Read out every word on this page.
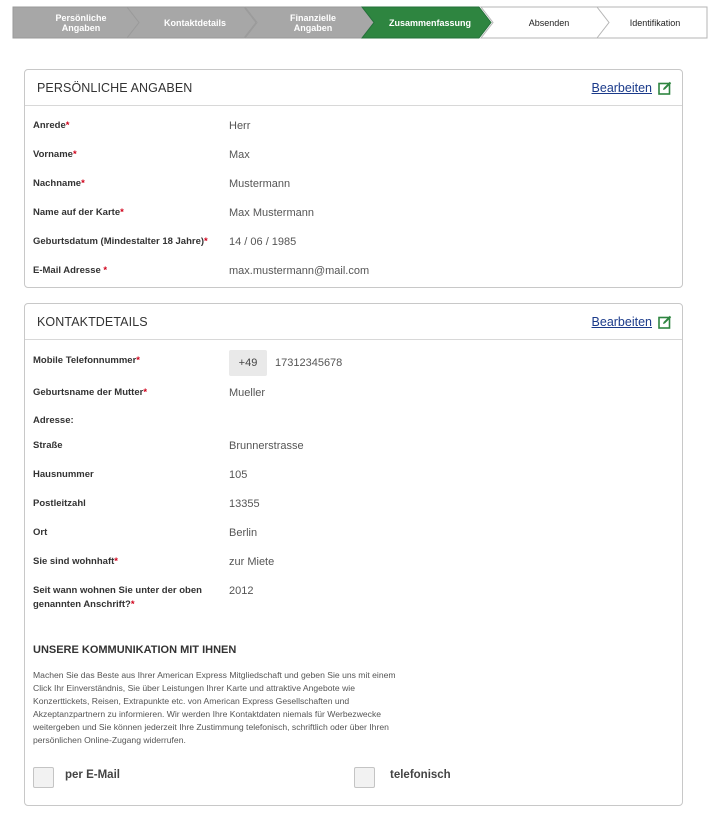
Persönliche
Angaben	Kontaktdetails	Finanzielle
Angaben	Zusammenfassung	Absenden	Identifikation
PERSÖNLICHE ANGABEN	Bearbeiten
Anrede*	Herr
Vorname*	Max
Nachname*	Mustermann
Name auf der Karte*	Max Mustermann
Geburtsdatum (Mindestalter 18 Jahre)* 14 / 06 / 1985
E-Mail Adresse *	max.mustermann@mail.com
KONTAKTDETAILS	Bearbeiten
Mobile Telefonnummer*	+49	17312345678
Geburtsname der Mutter*	Mueller
Adresse:
Straße	Brunnerstrasse
Hausnummer	105
Postleitzahl	13355
Ort	Berlin
Sie sind wohnhaft*	zur Miete
Seit wann wohnen Sie unter der oben
genannten Anschrift?*
2012
UNSERE KOMMUNIKATION MIT IHNEN
Machen Sie das Beste aus Ihrer American Express Mitgliedschaft und geben Sie uns mit einem Click Ihr Einverständnis, Sie über Leistungen Ihrer Karte und attraktive Angebote wie Konzerttickets, Reisen, Extrapunkte etc. von American Express Gesellschaften und Akzeptanzpartnern zu informieren. Wir werden Ihre Kontaktdaten niemals für Werbezwecke weitergeben und Sie können jederzeit Ihre Zustimmung telefonisch, schriftlich oder über Ihren persönlichen Online-Zugang widerrufen.
per E-Mail	telefonisch
